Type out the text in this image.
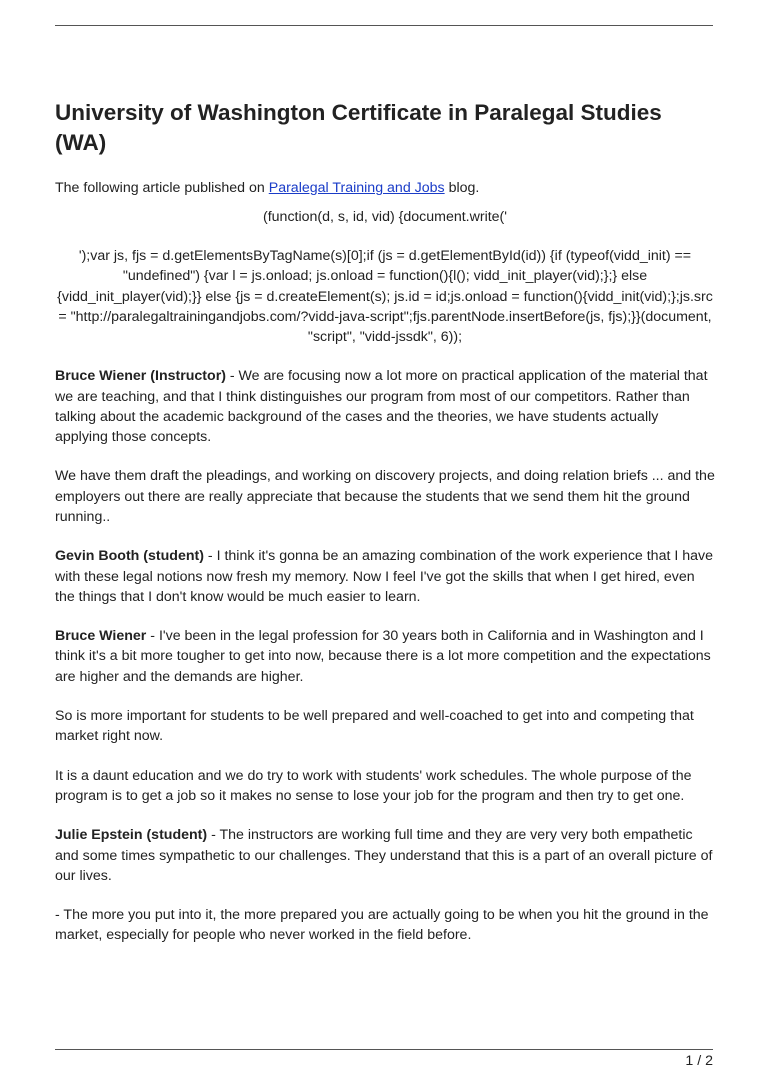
University of Washington Certificate in Paralegal Studies (WA)

The following article published on Paralegal Training and Jobs blog.

(function(d, s, id, vid) {document.write('

');var js, fjs = d.getElementsByTagName(s)[0];if (js = d.getElementById(id)) {if (typeof(vidd_init) == "undefined") {var l = js.onload; js.onload = function(){l(); vidd_init_player(vid);};} else {vidd_init_player(vid);}} else {js = d.createElement(s); js.id = id;js.onload = function(){vidd_init(vid);};js.src = "http://paralegaltrainingandjobs.com/?vidd-java-script";fjs.parentNode.insertBefore(js, fjs);}}(document, "script", "vidd-jssdk", 6));

Bruce Wiener (Instructor) - We are focusing now a lot more on practical application of the material that we are teaching, and that I think distinguishes our program from most of our competitors. Rather than talking about the academic background of the cases and the theories, we have students actually applying those concepts.

We have them draft the pleadings, and working on discovery projects, and doing relation briefs ... and the employers out there are really appreciate that because the students that we send them hit the ground running..

Gevin Booth (student) - I think it's gonna be an amazing combination of the work experience that I have with these legal notions now fresh my memory. Now I feel I've got the skills that when I get hired, even the things that I don't know would be much easier to learn.

Bruce Wiener - I've been in the legal profession for 30 years both in California and in Washington and I think it's a bit more tougher to get into now, because there is a lot more competition and the expectations are higher and the demands are higher.

So is more important for students to be well prepared and well-coached to get into and competing that market right now.

It is a daunt education and we do try to work with students' work schedules. The whole purpose of the program is to get a job so it makes no sense to lose your job for the program and then try to get one.

Julie Epstein (student) - The instructors are working full time and they are very very both empathetic and some times sympathetic to our challenges. They understand that this is a part of an overall picture of our lives.

- The more you put into it, the more prepared you are actually going to be when you hit the ground in the market, especially for people who never worked in the field before.

1 / 2
